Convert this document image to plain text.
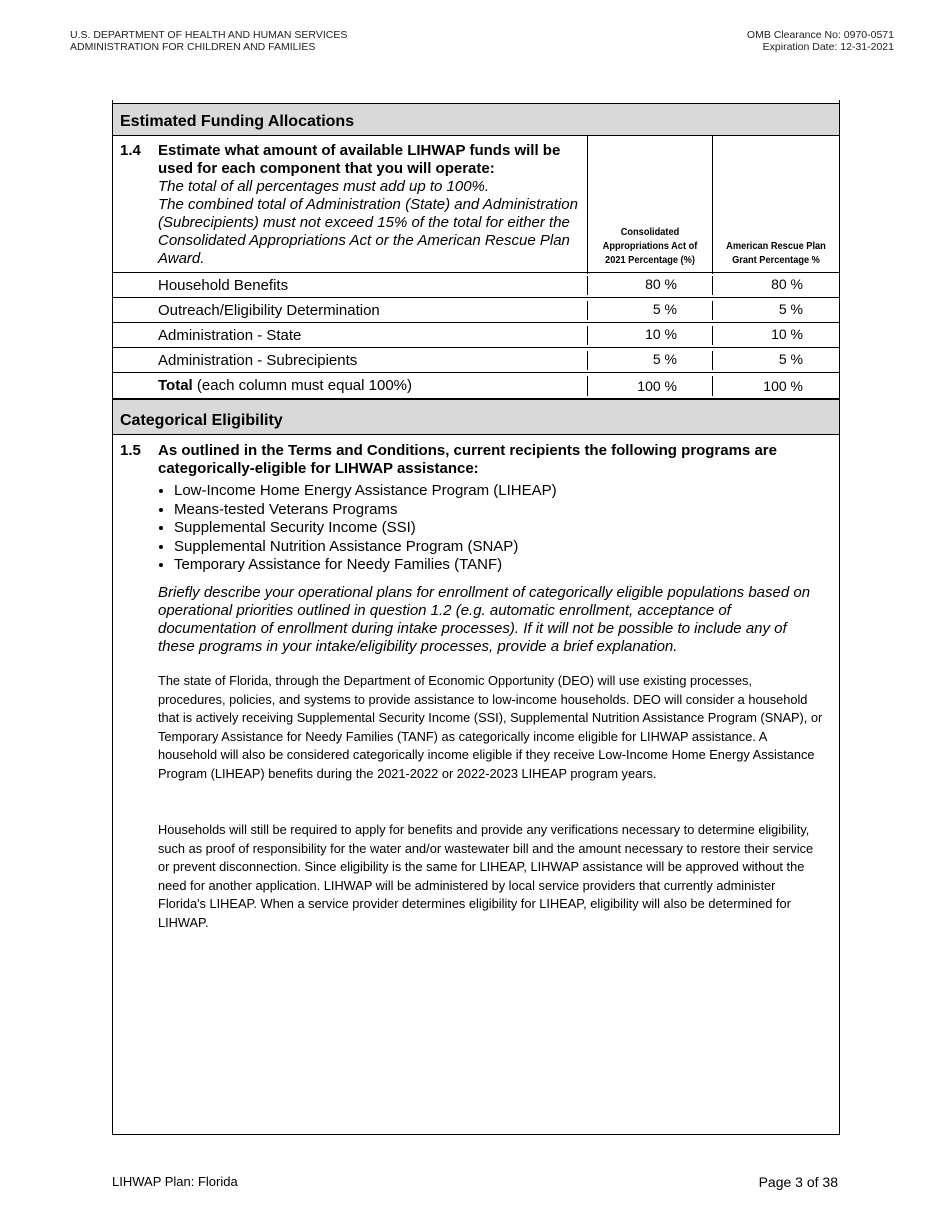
U.S. DEPARTMENT OF HEALTH AND HUMAN SERVICES
ADMINISTRATION FOR CHILDREN AND FAMILIES
OMB Clearance No: 0970-0571
Expiration Date: 12-31-2021
Estimated Funding Allocations
1.4 Estimate what amount of available LIHWAP funds will be used for each component that you will operate:
The total of all percentages must add up to 100%.
The combined total of Administration (State) and Administration (Subrecipients) must not exceed 15% of the total for either the Consolidated Appropriations Act or the American Rescue Plan Award.
Consolidated Appropriations Act of 2021 Percentage (%)
American Rescue Plan Grant Percentage %
Household Benefits	80 %	80 %
Outreach/Eligibility Determination	5 %	5 %
Administration - State	10 %	10 %
Administration - Subrecipients	5 %	5 %
Total (each column must equal 100%)	100 %	100 %
Categorical Eligibility
1.5 As outlined in the Terms and Conditions, current recipients the following programs are categorically-eligible for LIHWAP assistance:
• Low-Income Home Energy Assistance Program (LIHEAP)
• Means-tested Veterans Programs
• Supplemental Security Income (SSI)
• Supplemental Nutrition Assistance Program (SNAP)
• Temporary Assistance for Needy Families (TANF)
Briefly describe your operational plans for enrollment of categorically eligible populations based on operational priorities outlined in question 1.2 (e.g. automatic enrollment, acceptance of documentation of enrollment during intake processes). If it will not be possible to include any of these programs in your intake/eligibility processes, provide a brief explanation.
The state of Florida, through the Department of Economic Opportunity (DEO) will use existing processes, procedures, policies, and systems to provide assistance to low-income households. DEO will consider a household that is actively receiving Supplemental Security Income (SSI), Supplemental Nutrition Assistance Program (SNAP), or Temporary Assistance for Needy Families (TANF) as categorically income eligible for LIHWAP assistance. A household will also be considered categorically income eligible if they receive Low-Income Home Energy Assistance Program (LIHEAP) benefits during the 2021-2022 or 2022-2023 LIHEAP program years.
Households will still be required to apply for benefits and provide any verifications necessary to determine eligibility, such as proof of responsibility for the water and/or wastewater bill and the amount necessary to restore their service or prevent disconnection. Since eligibility is the same for LIHEAP, LIHWAP assistance will be approved without the need for another application. LIHWAP will be administered by local service providers that currently administer Florida's LIHEAP. When a service provider determines eligibility for LIHEAP, eligibility will also be determined for LIHWAP.
LIHWAP Plan: Florida	Page 3 of 38
